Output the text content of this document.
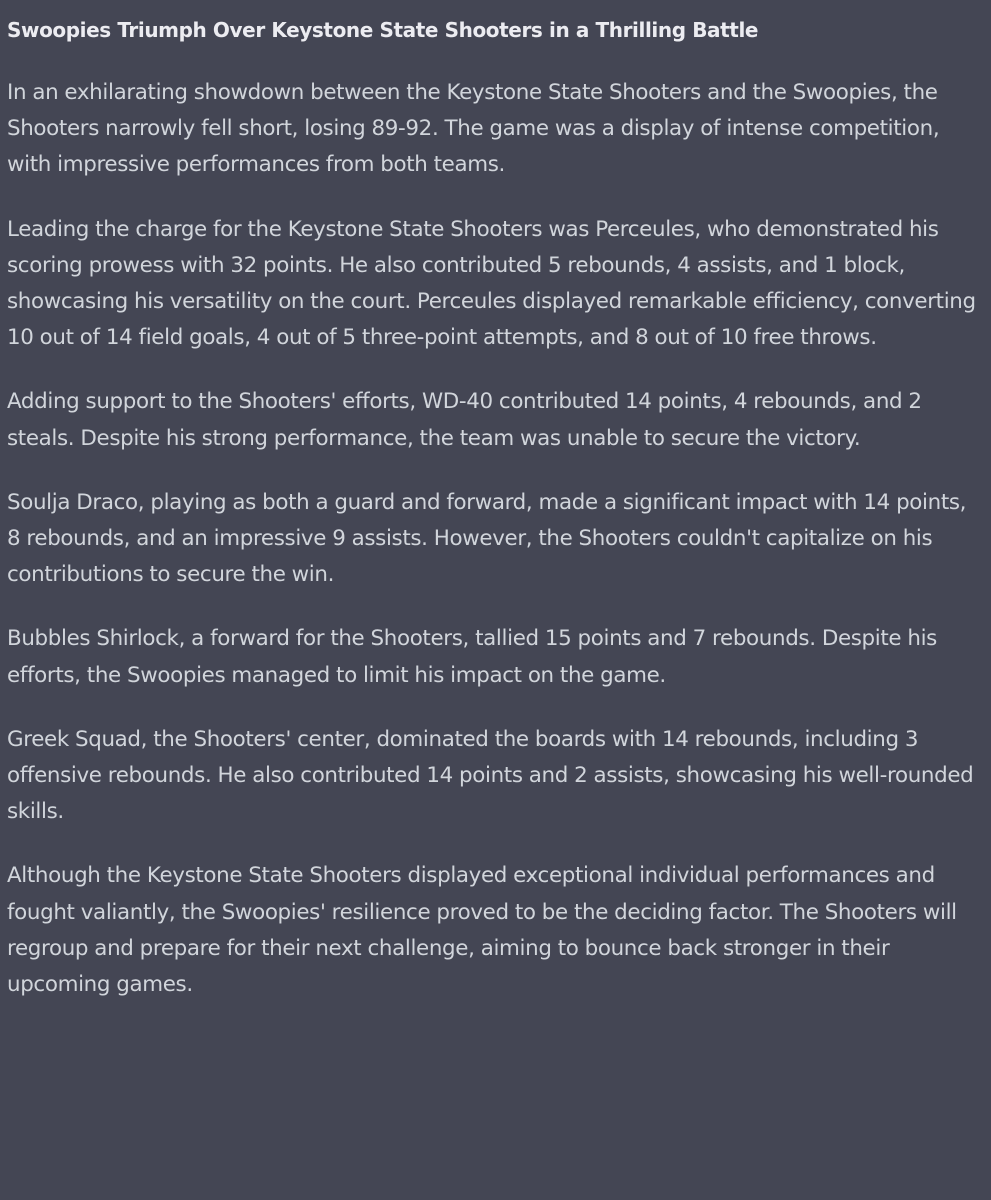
Swoopies Triumph Over Keystone State Shooters in a Thrilling Battle

In an exhilarating showdown between the Keystone State Shooters and the Swoopies, the Shooters narrowly fell short, losing 89-92. The game was a display of intense competition, with impressive performances from both teams.

Leading the charge for the Keystone State Shooters was Perceules, who demonstrated his scoring prowess with 32 points. He also contributed 5 rebounds, 4 assists, and 1 block, showcasing his versatility on the court. Perceules displayed remarkable efficiency, converting 10 out of 14 field goals, 4 out of 5 three-point attempts, and 8 out of 10 free throws.

Adding support to the Shooters' efforts, WD-40 contributed 14 points, 4 rebounds, and 2 steals. Despite his strong performance, the team was unable to secure the victory.

Soulja Draco, playing as both a guard and forward, made a significant impact with 14 points, 8 rebounds, and an impressive 9 assists. However, the Shooters couldn't capitalize on his contributions to secure the win.

Bubbles Shirlock, a forward for the Shooters, tallied 15 points and 7 rebounds. Despite his efforts, the Swoopies managed to limit his impact on the game.

Greek Squad, the Shooters' center, dominated the boards with 14 rebounds, including 3 offensive rebounds. He also contributed 14 points and 2 assists, showcasing his well-rounded skills.

Although the Keystone State Shooters displayed exceptional individual performances and fought valiantly, the Swoopies' resilience proved to be the deciding factor. The Shooters will regroup and prepare for their next challenge, aiming to bounce back stronger in their upcoming games.
